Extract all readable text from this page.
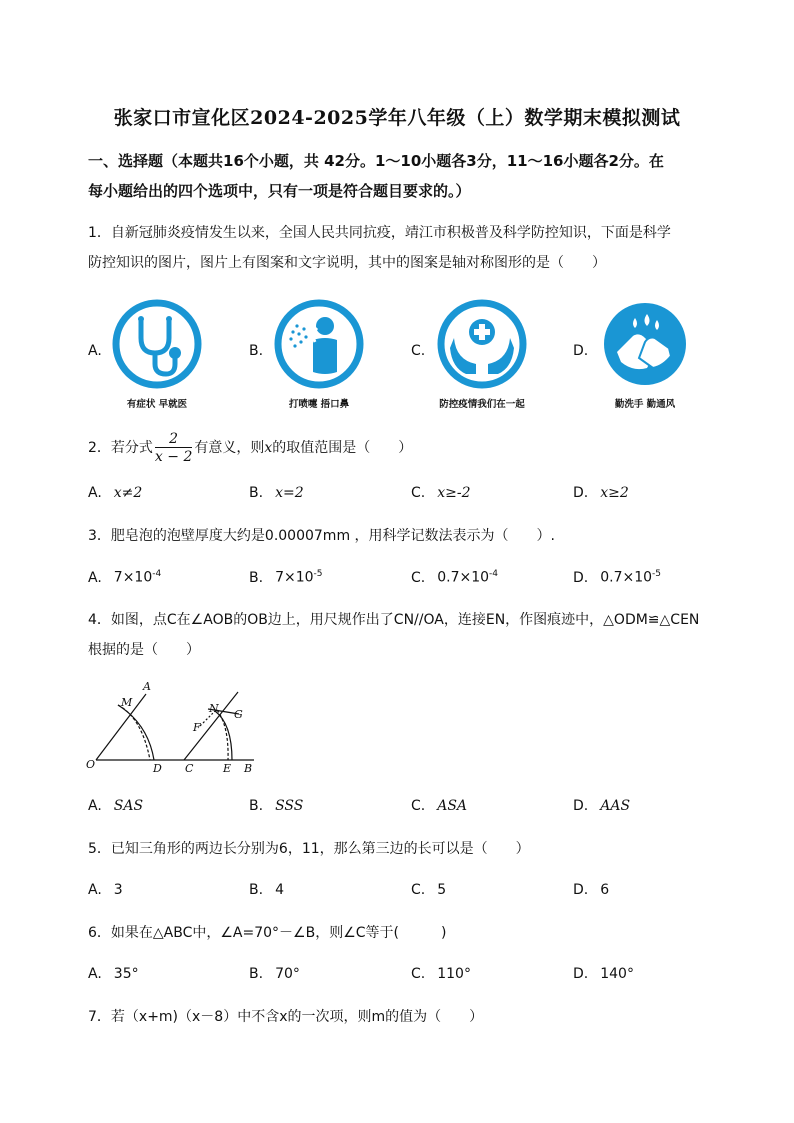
张家口市宣化区2024-2025学年八年级（上）数学期末模拟测试
一、选择题（本题共16个小题，共 42分。1～10小题各3分，11～16小题各2分。在
每小题给出的四个选项中，只有一项是符合题目要求的。）
1．自新冠肺炎疫情发生以来，全国人民共同抗疫，靖江市积极普及科学防控知识，下面是科学
防控知识的图片，图片上有图案和文字说明，其中的图案是轴对称图形的是（　　）
A.
有症状 早就医
B.
打喷嚏 捂口鼻
C.
防控疫情我们在一起
D.
勤洗手 勤通风
2．若分式 $\frac{2}{x - 2}$ 有意义，则x的取值范围是（　　）
A. x≠2	B. x=2	C. x≥-2	D. x≥2
3．肥皂泡的泡壁厚度大约是0.00007mm ，用科学记数法表示为（　　）.
A. $7\times 10^{-4}$	B. $7\times 10^{-5}$	C. $0.7\times 10^{-4}$	D. $0.7\times 10^{-5}$
4．如图，点C在∠AOB的OB边上，用尺规作出了CN//OA，连接EN，作图痕迹中，△ODM≌△CEN
根据的是（　　）
A
M
O	D
N G
F
C	E B
A. SAS	B. SSS	C. ASA	D. AAS
5．已知三角形的两边长分别为6，11，那么第三边的长可以是（　　）
A. 3	B. 4	C. 5	D. 6
6．如果在△ABC中，∠A=70°－∠B，则∠C等于(　　　)
A. 35°	B. 70°	C. 110°	D. 140°
7．若（x+m)（x－8）中不含x的一次项，则m的值为（　　）
